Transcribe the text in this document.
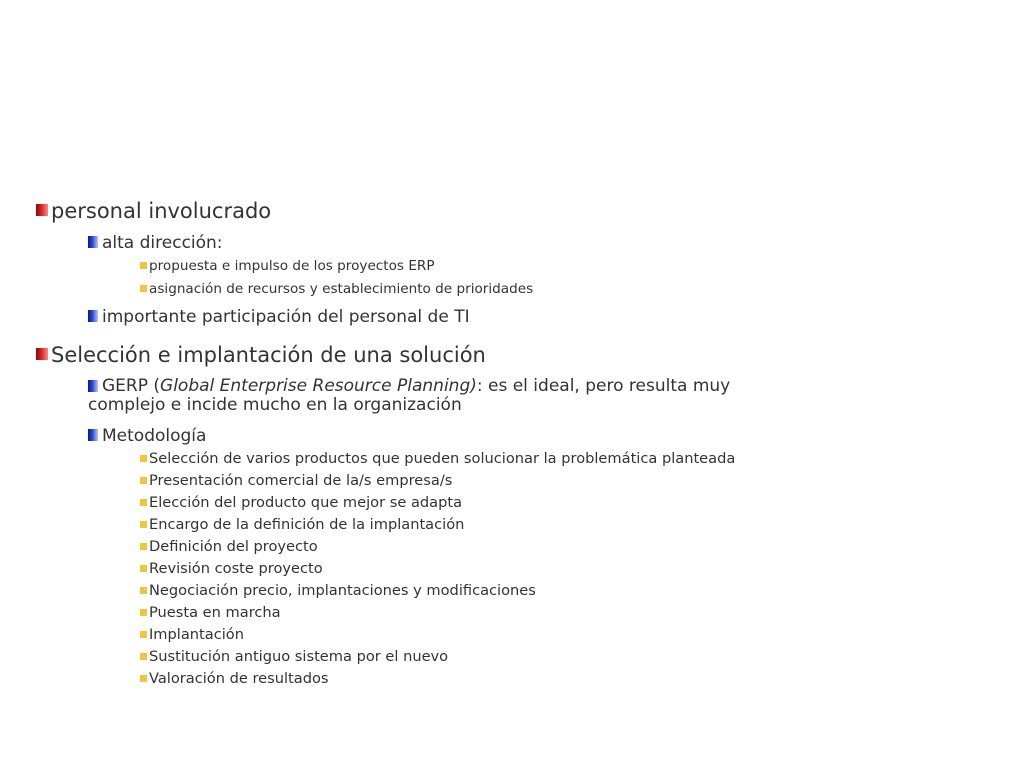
personal involucrado

alta dirección:

propuesta e impulso de los proyectos ERP

asignación de recursos y establecimiento de prioridades

importante participación del personal de TI

Selección e implantación de una solución

GERP (Global Enterprise Resource Planning): es el ideal, pero resulta muy
complejo e incide mucho en la organización

Metodología

Selección de varios productos que pueden solucionar la problemática planteada

Presentación comercial de la/s empresa/s

Elección del producto que mejor se adapta

Encargo de la definición de la implantación

Definición del proyecto

Revisión coste proyecto

Negociación precio, implantaciones y modificaciones

Puesta en marcha

Implantación

Sustitución antiguo sistema por el nuevo

Valoración de resultados
